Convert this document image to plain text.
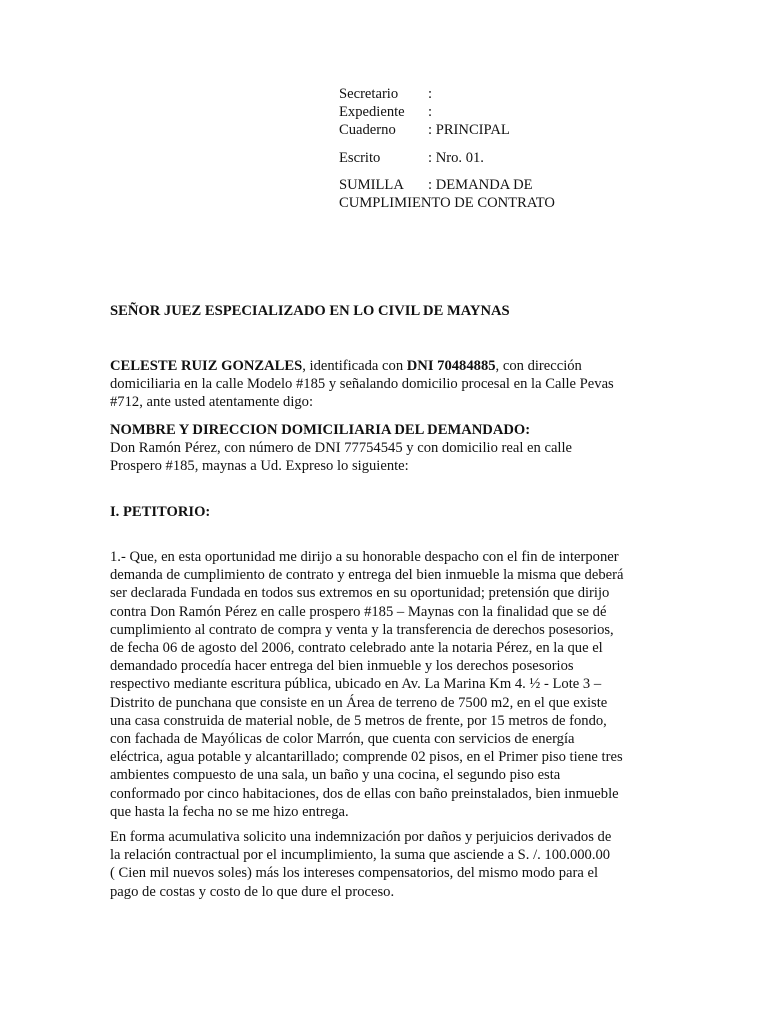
Secretario	:
Expediente	:
Cuaderno	: PRINCIPAL
Escrito	: Nro. 01.
SUMILLA	: DEMANDA DE
CUMPLIMIENTO DE CONTRATO

SEÑOR JUEZ ESPECIALIZADO EN LO CIVIL DE MAYNAS

CELESTE RUIZ GONZALES, identificada con DNI 70484885, con dirección
domiciliaria en la calle Modelo #185 y señalando domicilio procesal en la Calle Pevas
#712, ante usted atentamente digo:
NOMBRE Y DIRECCION DOMICILIARIA DEL DEMANDADO:
Don Ramón Pérez, con número de DNI 77754545 y con domicilio real en calle
Prospero #185, maynas a Ud. Expreso lo siguiente:

I. PETITORIO:

1.- Que, en esta oportunidad me dirijo a su honorable despacho con el fin de interponer
demanda de cumplimiento de contrato y entrega del bien inmueble la misma que deberá
ser declarada Fundada en todos sus extremos en su oportunidad; pretensión que dirijo
contra Don Ramón Pérez en calle prospero #185 – Maynas con la finalidad que se dé
cumplimiento al contrato de compra y venta y la transferencia de derechos posesorios,
de fecha 06 de agosto del 2006, contrato celebrado ante la notaria Pérez, en la que el
demandado procedía hacer entrega del bien inmueble y los derechos posesorios
respectivo mediante escritura pública, ubicado en Av. La Marina Km 4. ½ - Lote 3 –
Distrito de punchana que consiste en un Área de terreno de 7500 m2, en el que existe
una casa construida de material noble, de 5 metros de frente, por 15 metros de fondo,
con fachada de Mayólicas de color Marrón, que cuenta con servicios de energía
eléctrica, agua potable y alcantarillado; comprende 02 pisos, en el Primer piso tiene tres
ambientes compuesto de una sala, un baño y una cocina, el segundo piso esta
conformado por cinco habitaciones, dos de ellas con baño preinstalados, bien inmueble
que hasta la fecha no se me hizo entrega.
En forma acumulativa solicito una indemnización por daños y perjuicios derivados de
la relación contractual por el incumplimiento, la suma que asciende a S. /. 100.000.00
( Cien mil nuevos soles) más los intereses compensatorios, del mismo modo para el
pago de costas y costo de lo que dure el proceso.
